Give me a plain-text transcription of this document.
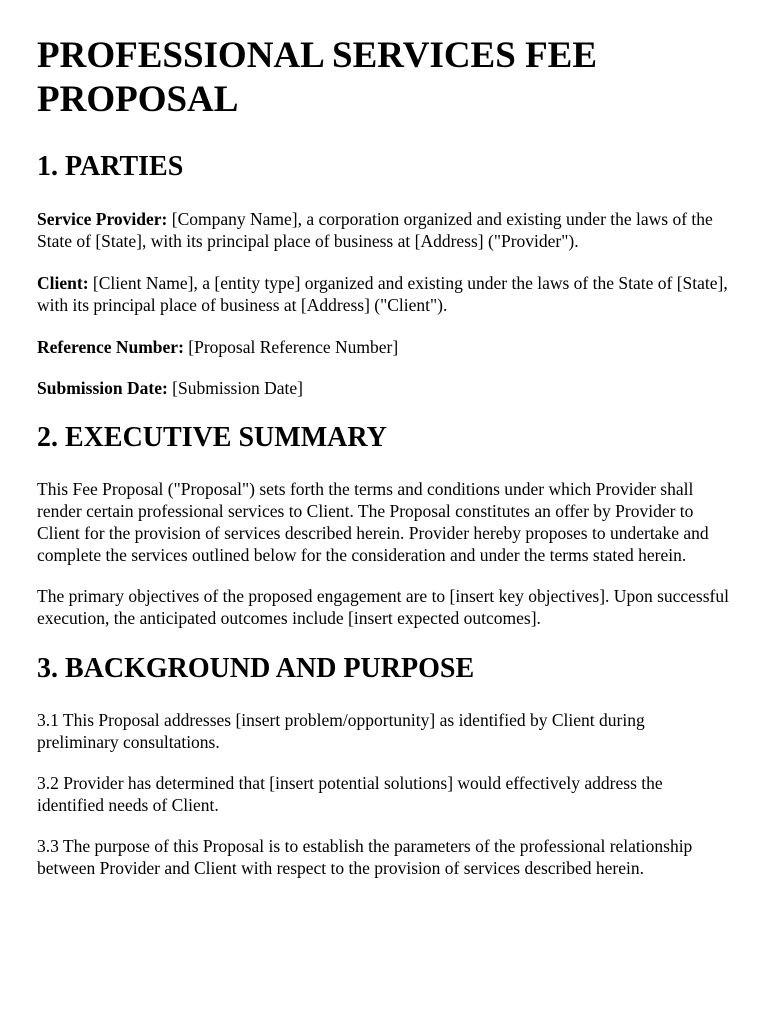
PROFESSIONAL SERVICES FEE PROPOSAL
1. PARTIES

Service Provider: [Company Name], a corporation organized and existing under the laws of the State of [State], with its principal place of business at [Address] ("Provider").

Client: [Client Name], a [entity type] organized and existing under the laws of the State of [State], with its principal place of business at [Address] ("Client").

Reference Number: [Proposal Reference Number]

Submission Date: [Submission Date]

2. EXECUTIVE SUMMARY

This Fee Proposal ("Proposal") sets forth the terms and conditions under which Provider shall render certain professional services to Client. The Proposal constitutes an offer by Provider to Client for the provision of services described herein. Provider hereby proposes to undertake and complete the services outlined below for the consideration and under the terms stated herein.

The primary objectives of the proposed engagement are to [insert key objectives]. Upon successful execution, the anticipated outcomes include [insert expected outcomes].

3. BACKGROUND AND PURPOSE

3.1 This Proposal addresses [insert problem/opportunity] as identified by Client during preliminary consultations.

3.2 Provider has determined that [insert potential solutions] would effectively address the identified needs of Client.

3.3 The purpose of this Proposal is to establish the parameters of the professional relationship between Provider and Client with respect to the provision of services described herein.
